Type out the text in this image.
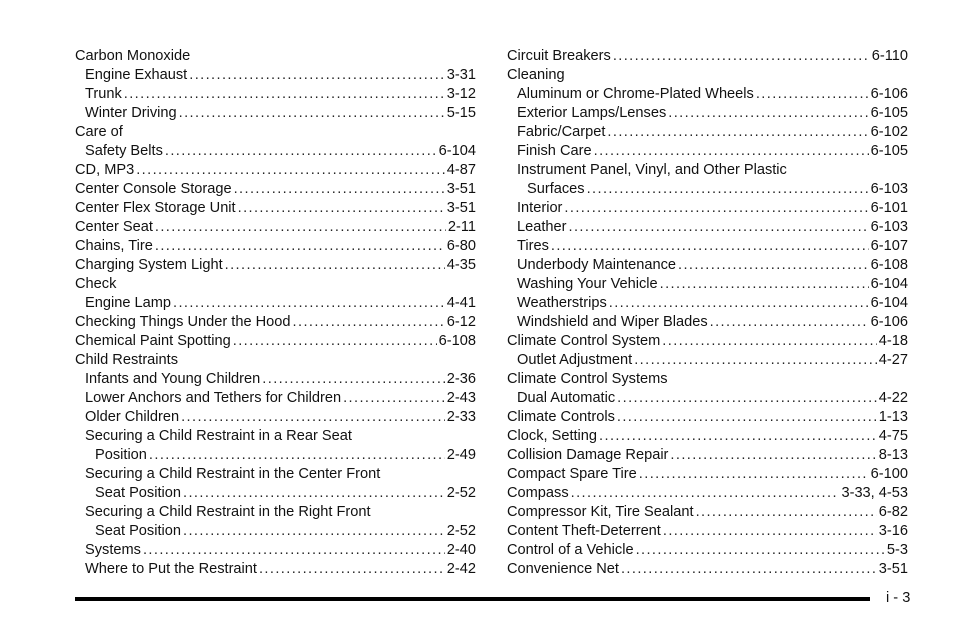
Carbon Monoxide
Engine Exhaust .....	3-31
Trunk .....	3-12
Winter Driving .....	5-15
Care of
Safety Belts .....	6-104
CD, MP3 .....	4-87
Center Console Storage .....	3-51
Center Flex Storage Unit .....	3-51
Center Seat .....	2-11
Chains, Tire .....	6-80
Charging System Light .....	4-35
Check
Engine Lamp .....	4-41
Checking Things Under the Hood .....	6-12
Chemical Paint Spotting .....	6-108
Child Restraints
Infants and Young Children .....	2-36
Lower Anchors and Tethers for Children .....	2-43
Older Children .....	2-33
Securing a Child Restraint in a Rear Seat
Position .....	2-49
Securing a Child Restraint in the Center Front
Seat Position .....	2-52
Securing a Child Restraint in the Right Front
Seat Position .....	2-52
Systems .....	2-40
Where to Put the Restraint .....	2-42
Circuit Breakers .....	6-110
Cleaning
Aluminum or Chrome-Plated Wheels .....	6-106
Exterior Lamps/Lenses .....	6-105
Fabric/Carpet .....	6-102
Finish Care .....	6-105
Instrument Panel, Vinyl, and Other Plastic
Surfaces .....	6-103
Interior .....	6-101
Leather .....	6-103
Tires .....	6-107
Underbody Maintenance .....	6-108
Washing Your Vehicle .....	6-104
Weatherstrips .....	6-104
Windshield and Wiper Blades .....	6-106
Climate Control System .....	4-18
Outlet Adjustment .....	4-27
Climate Control Systems
Dual Automatic .....	4-22
Climate Controls .....	1-13
Clock, Setting .....	4-75
Collision Damage Repair .....	8-13
Compact Spare Tire .....	6-100
Compass .....	3-33, 4-53
Compressor Kit, Tire Sealant .....	6-82
Content Theft-Deterrent .....	3-16
Control of a Vehicle .....	5-3
Convenience Net .....	3-51
i - 3
